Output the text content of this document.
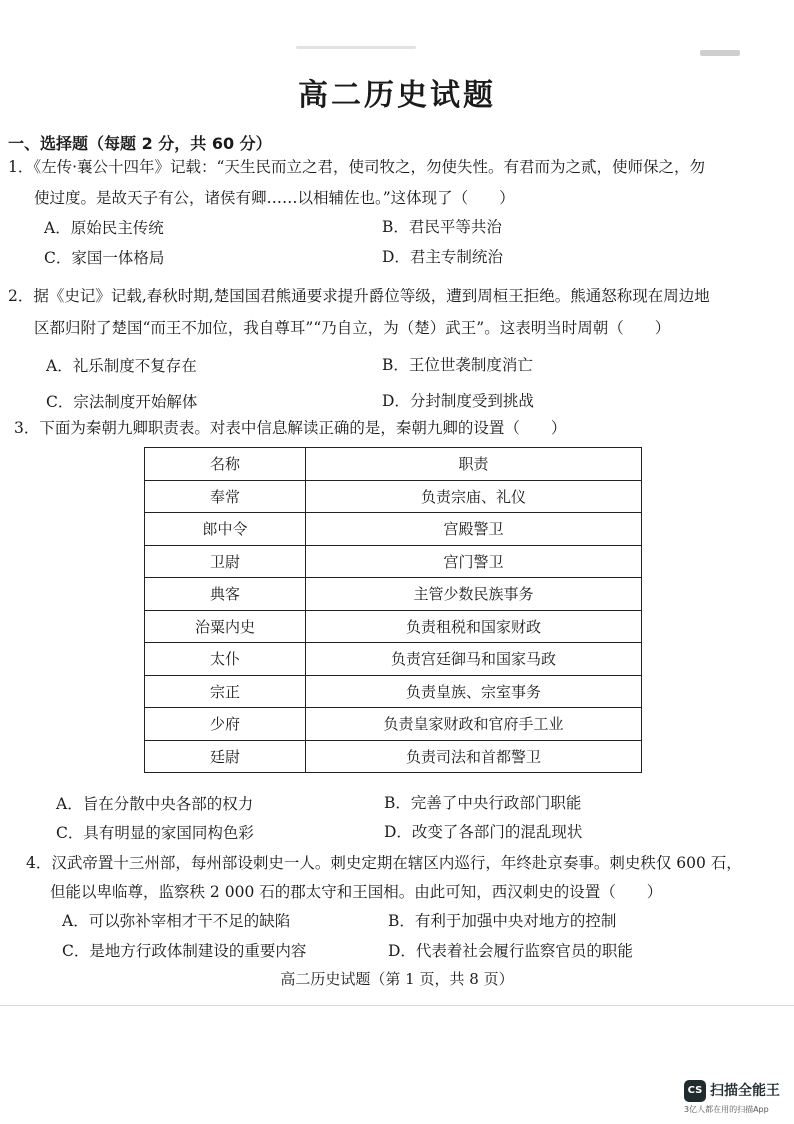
高二历史试题
一、选择题（每题 2 分，共 60 分）
1．《左传·襄公十四年》记载：“天生民而立之君，使司牧之，勿使失性。有君而为之贰，使师保之，勿
使过度。是故天子有公，诸侯有卿……以相辅佐也。”这体现了（　　）
A．原始民主传统	B．君民平等共治
C．家国一体格局	D．君主专制统治
2．据《史记》记载,春秋时期,楚国国君熊通要求提升爵位等级，遭到周桓王拒绝。熊通怒称现在周边地
区都归附了楚国“而王不加位，我自尊耳”“乃自立，为（楚）武王”。这表明当时周朝（　　）
A．礼乐制度不复存在	B．王位世袭制度消亡
C．宗法制度开始解体	D．分封制度受到挑战
3．下面为秦朝九卿职责表。对表中信息解读正确的是，秦朝九卿的设置（　　）
名称	职责
奉常	负责宗庙、礼仪
郎中令	宫殿警卫
卫尉	宫门警卫
典客	主管少数民族事务
治粟内史	负责租税和国家财政
太仆	负责宫廷御马和国家马政
宗正	负责皇族、宗室事务
少府	负责皇家财政和官府手工业
廷尉	负责司法和首都警卫
A．旨在分散中央各部的权力	B．完善了中央行政部门职能
C．具有明显的家国同构色彩	D．改变了各部门的混乱现状
4．汉武帝置十三州部，每州部设刺史一人。刺史定期在辖区内巡行，年终赴京奏事。刺史秩仅 600 石，
但能以卑临尊，监察秩 2 000 石的郡太守和王国相。由此可知，西汉刺史的设置（　　）
A．可以弥补宰相才干不足的缺陷	B．有利于加强中央对地方的控制
C．是地方行政体制建设的重要内容	D．代表着社会履行监察官员的职能
高二历史试题（第 1 页，共 8 页）
CS 扫描全能王
3亿人都在用的扫描App
